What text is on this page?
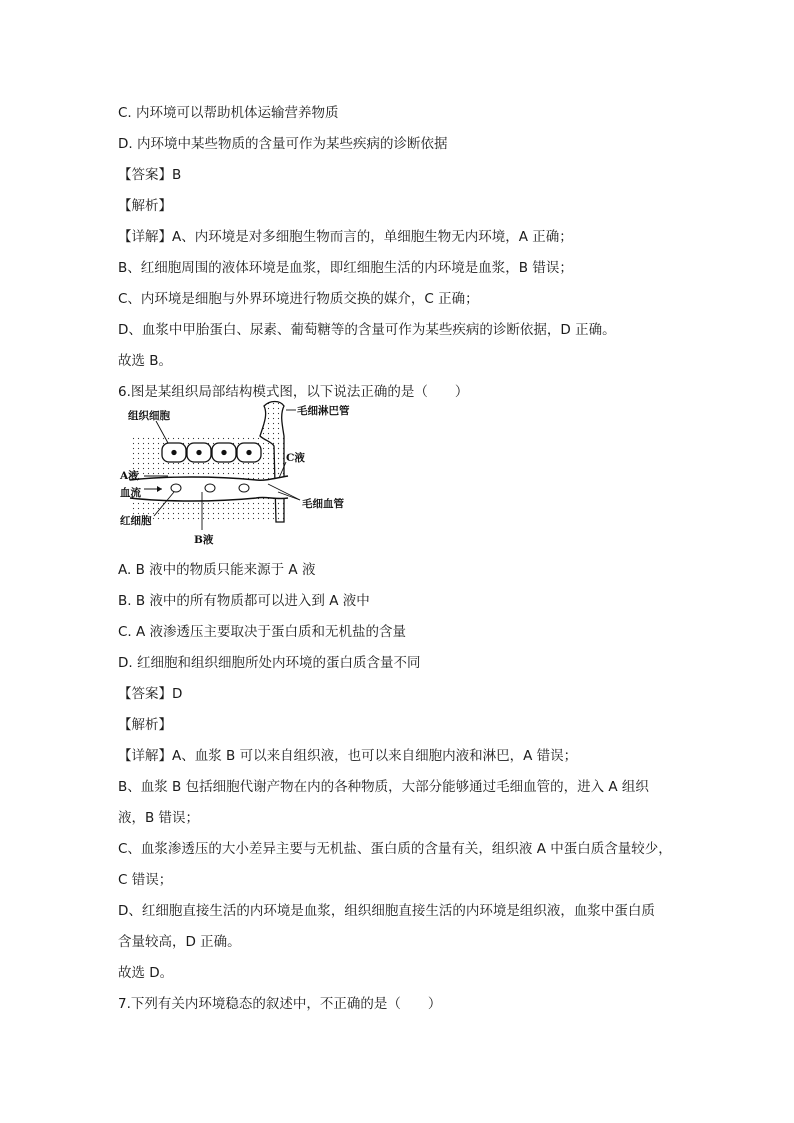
C. 内环境可以帮助机体运输营养物质
D. 内环境中某些物质的含量可作为某些疾病的诊断依据
【答案】B
【解析】
【详解】A、内环境是对多细胞生物而言的，单细胞生物无内环境，A 正确；
B、红细胞周围的液体环境是血浆，即红细胞生活的内环境是血浆，B 错误；
C、内环境是细胞与外界环境进行物质交换的媒介，C 正确；
D、血浆中甲胎蛋白、尿素、葡萄糖等的含量可作为某些疾病的诊断依据，D 正确。
故选 B。
6.图是某组织局部结构模式图，以下说法正确的是（　　）
组织细胞	毛细淋巴管
A液
C液
血流
毛细血管
红细胞
B液
A. B 液中的物质只能来源于 A 液
B. B 液中的所有物质都可以进入到 A 液中
C. A 液渗透压主要取决于蛋白质和无机盐的含量
D. 红细胞和组织细胞所处内环境的蛋白质含量不同
【答案】D
【解析】
【详解】A、血浆 B 可以来自组织液，也可以来自细胞内液和淋巴，A 错误；
B、血浆 B 包括细胞代谢产物在内的各种物质，大部分能够通过毛细血管的，进入 A 组织
液，B 错误；
C、血浆渗透压的大小差异主要与无机盐、蛋白质的含量有关，组织液 A 中蛋白质含量较少，
C 错误；
D、红细胞直接生活的内环境是血浆，组织细胞直接生活的内环境是组织液，血浆中蛋白质
含量较高，D 正确。
故选 D。
7.下列有关内环境稳态的叙述中，不正确的是（　　）
